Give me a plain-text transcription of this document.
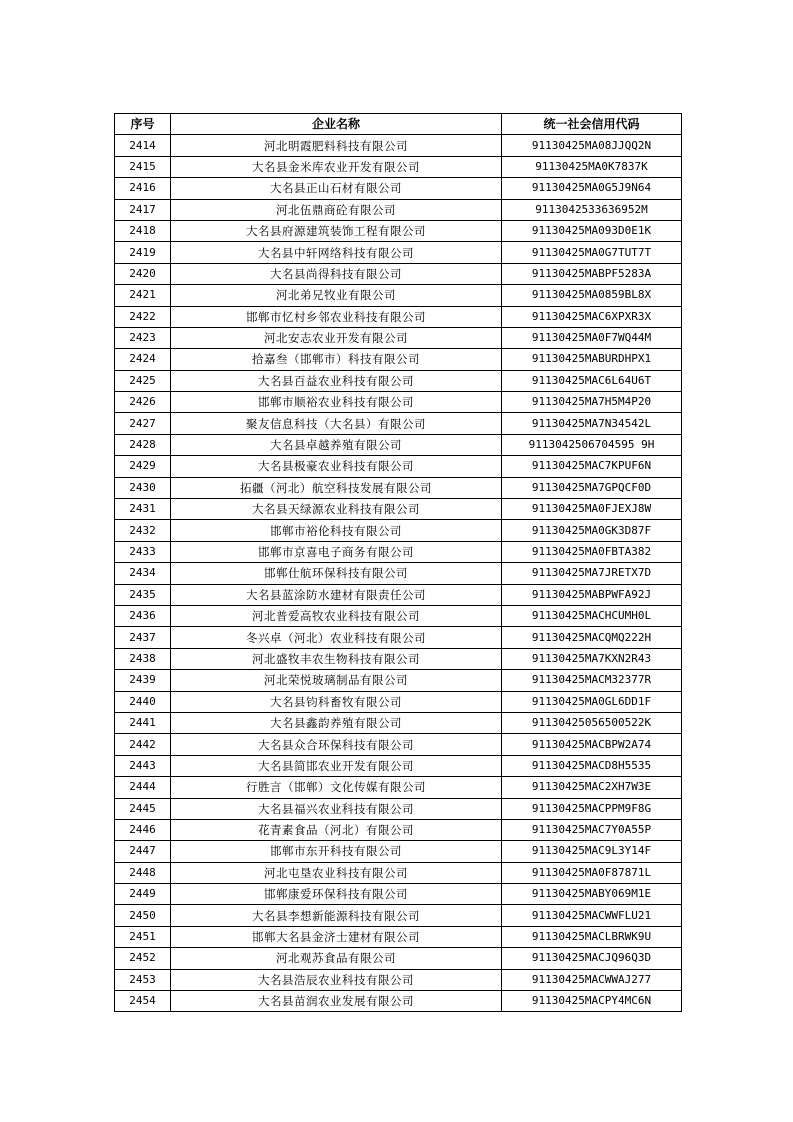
序号	企业名称	统一社会信用代码
2414	河北明霞肥料科技有限公司	91130425MA08JJQQ2N
2415	大名县金米库农业开发有限公司	91130425MA0K7837K
2416	大名县正山石材有限公司	91130425MA0G5J9N64
2417	河北伍鼎商砼有限公司	9113042533636952M
2418	大名县府源建筑装饰工程有限公司	91130425MA093D0E1K
2419	大名县中轩网络科技有限公司	91130425MA0G7TUT7T
2420	大名县尚得科技有限公司	91130425MABPF5283A
2421	河北弟兄牧业有限公司	91130425MA0859BL8X
2422	邯郸市忆村乡邻农业科技有限公司	91130425MAC6XPXR3X
2423	河北安志农业开发有限公司	91130425MA0F7WQ44M
2424	拾嘉叁（邯郸市）科技有限公司	91130425MABURDHPX1
2425	大名县百益农业科技有限公司	91130425MAC6L64U6T
2426	邯郸市顺裕农业科技有限公司	91130425MA7H5M4P20
2427	聚友信息科技（大名县）有限公司	91130425MA7N34542L
2428	大名县卓越养殖有限公司	9113042506704595 9H
2429	大名县极豪农业科技有限公司	91130425MAC7KPUF6N
2430	拓疆（河北）航空科技发展有限公司	91130425MA7GPQCF0D
2431	大名县天绿源农业科技有限公司	91130425MA0FJEXJ8W
2432	邯郸市裕伦科技有限公司	91130425MA0GK3D87F
2433	邯郸市京喜电子商务有限公司	91130425MA0FBTA382
2434	邯郸仕航环保科技有限公司	91130425MA7JRETX7D
2435	大名县蓝涂防水建材有限责任公司	91130425MABPWFA92J
2436	河北普爱高牧农业科技有限公司	91130425MACHCUMH0L
2437	冬兴卓（河北）农业科技有限公司	91130425MACQMQ222H
2438	河北盛牧丰农生物科技有限公司	91130425MA7KXN2R43
2439	河北荣悦玻璃制品有限公司	91130425MACM32377R
2440	大名县钧科畜牧有限公司	91130425MA0GL6DD1F
2441	大名县鑫韵养殖有限公司	91130425056500522K
2442	大名县众合环保科技有限公司	91130425MACBPW2A74
2443	大名县简邯农业开发有限公司	91130425MACD8H5535
2444	行胜言（邯郸）文化传媒有限公司	91130425MAC2XH7W3E
2445	大名县福兴农业科技有限公司	91130425MACPPM9F8G
2446	花青素食品（河北）有限公司	91130425MAC7Y0A55P
2447	邯郸市东开科技有限公司	91130425MAC9L3Y14F
2448	河北屯垦农业科技有限公司	91130425MA0F87871L
2449	邯郸康爱环保科技有限公司	91130425MABY069M1E
2450	大名县李想新能源科技有限公司	91130425MACWWFLU21
2451	邯郸大名县金济士建材有限公司	91130425MACLBRWK9U
2452	河北观苏食品有限公司	91130425MACJQ96Q3D
2453	大名县浩辰农业科技有限公司	91130425MACWWAJ277
2454	大名县苗润农业发展有限公司	91130425MACPY4MC6N
